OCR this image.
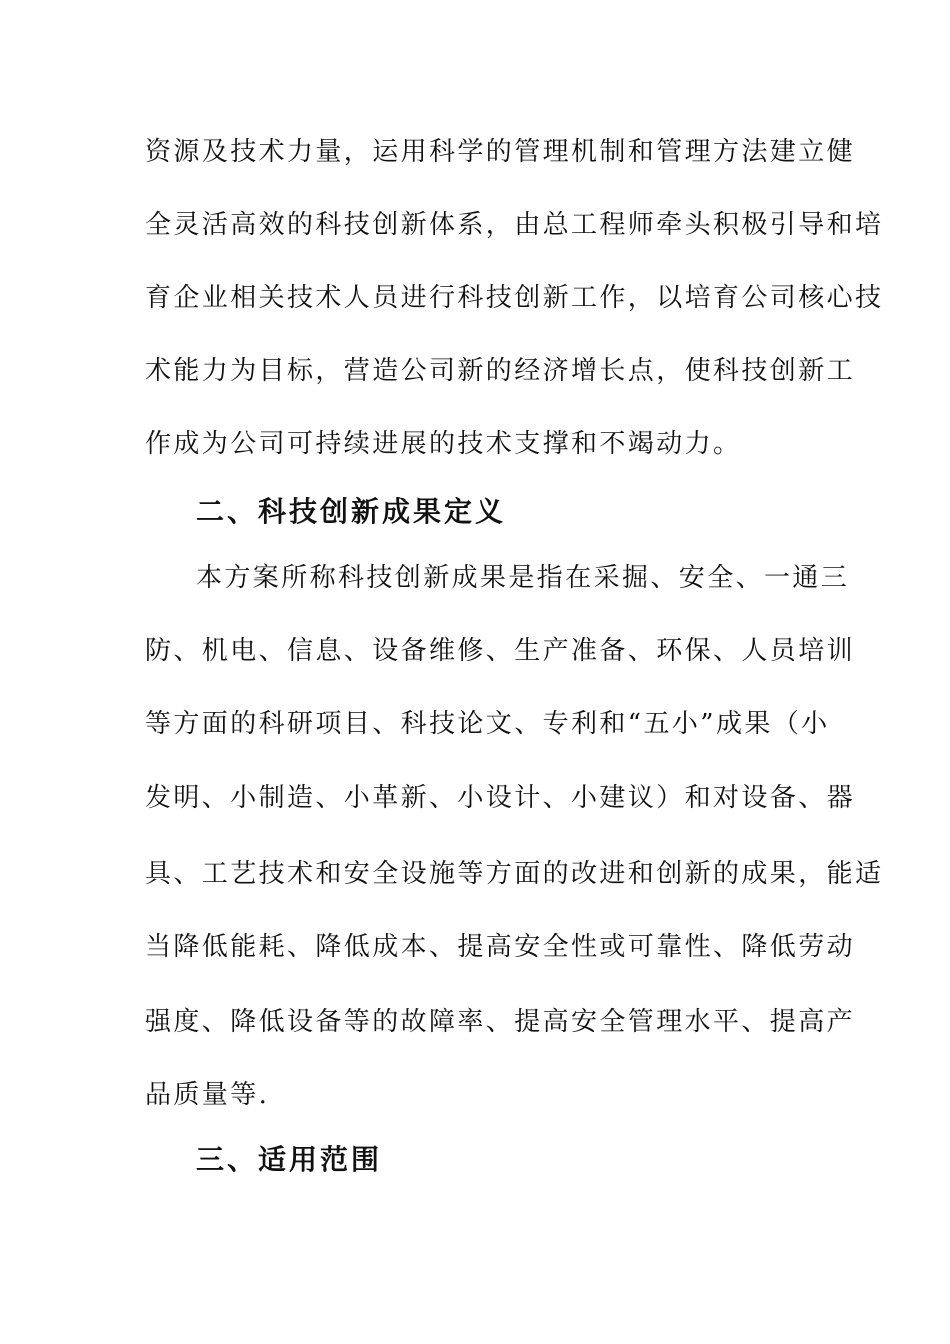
资源及技术力量，运用科学的管理机制和管理方法建立健
全灵活高效的科技创新体系，由总工程师牵头积极引导和培
育企业相关技术人员进行科技创新工作，以培育公司核心技
术能力为目标，营造公司新的经济增长点，使科技创新工
作成为公司可持续进展的技术支撑和不竭动力。
二、科技创新成果定义
本方案所称科技创新成果是指在采掘、安全、一通三
防、机电、信息、设备维修、生产准备、环保、人员培训
等方面的科研项目、科技论文、专利和“五小”成果（小
发明、小制造、小革新、小设计、小建议）和对设备、器
具、工艺技术和安全设施等方面的改进和创新的成果，能适
当降低能耗、降低成本、提高安全性或可靠性、降低劳动
强度、降低设备等的故障率、提高安全管理水平、提高产
品质量等.
三、适用范围
